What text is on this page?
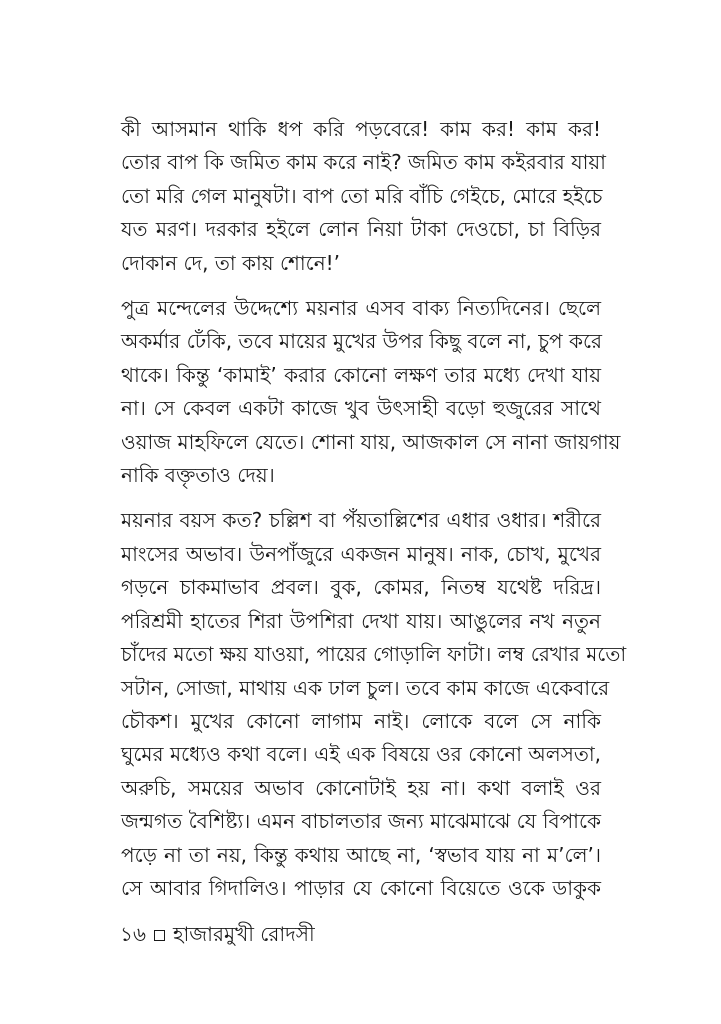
কী আসমান থাকি ধপ করি পড়বেরে! কাম কর! কাম কর!
তোর বাপ কি জমিত কাম করে নাই? জমিত কাম কইরবার যায়া
তো মরি গেল মানুষটা। বাপ তো মরি বাঁচি গেইচে, মোরে হইচে
যত মরণ। দরকার হইলে লোন নিয়া টাকা দেওচো, চা বিড়ির
দোকান দে, তা কায় শোনে!’

পুত্র মন্দেলের উদ্দেশ্যে ময়নার এসব বাক্য নিত্যদিনের। ছেলে
অকর্মার ঢেঁকি, তবে মায়ের মুখের উপর কিছু বলে না, চুপ করে
থাকে। কিন্তু ‘কামাই’ করার কোনো লক্ষণ তার মধ্যে দেখা যায়
না। সে কেবল একটা কাজে খুব উৎসাহী বড়ো হুজুরের সাথে
ওয়াজ মাহফিলে যেতে। শোনা যায়, আজকাল সে নানা জায়গায়
নাকি বক্তৃতাও দেয়।

ময়নার বয়স কত? চল্লিশ বা পঁয়তাল্লিশের এধার ওধার। শরীরে
মাংসের অভাব। উনপাঁজুরে একজন মানুষ। নাক, চোখ, মুখের
গড়নে চাকমাভাব প্রবল। বুক, কোমর, নিতম্ব যথেষ্ট দরিদ্র।
পরিশ্রমী হাতের শিরা উপশিরা দেখা যায়। আঙুলের নখ নতুন
চাঁদের মতো ক্ষয় যাওয়া, পায়ের গোড়ালি ফাটা। লম্ব রেখার মতো
সটান, সোজা, মাথায় এক ঢাল চুল। তবে কাম কাজে একেবারে
চৌকশ। মুখের কোনো লাগাম নাই। লোকে বলে সে নাকি
ঘুমের মধ্যেও কথা বলে। এই এক বিষয়ে ওর কোনো অলসতা,
অরুচি, সময়ের অভাব কোনোটাই হয় না। কথা বলাই ওর
জন্মগত বৈশিষ্ট্য। এমন বাচালতার জন্য মাঝেমাঝে যে বিপাকে
পড়ে না তা নয়, কিন্তু কথায় আছে না, ‘স্বভাব যায় না ম’লে’।
সে আবার গিদালিও। পাড়ার যে কোনো বিয়েতে ওকে ডাকুক

১৬ হাজারমুখী রোদসী
